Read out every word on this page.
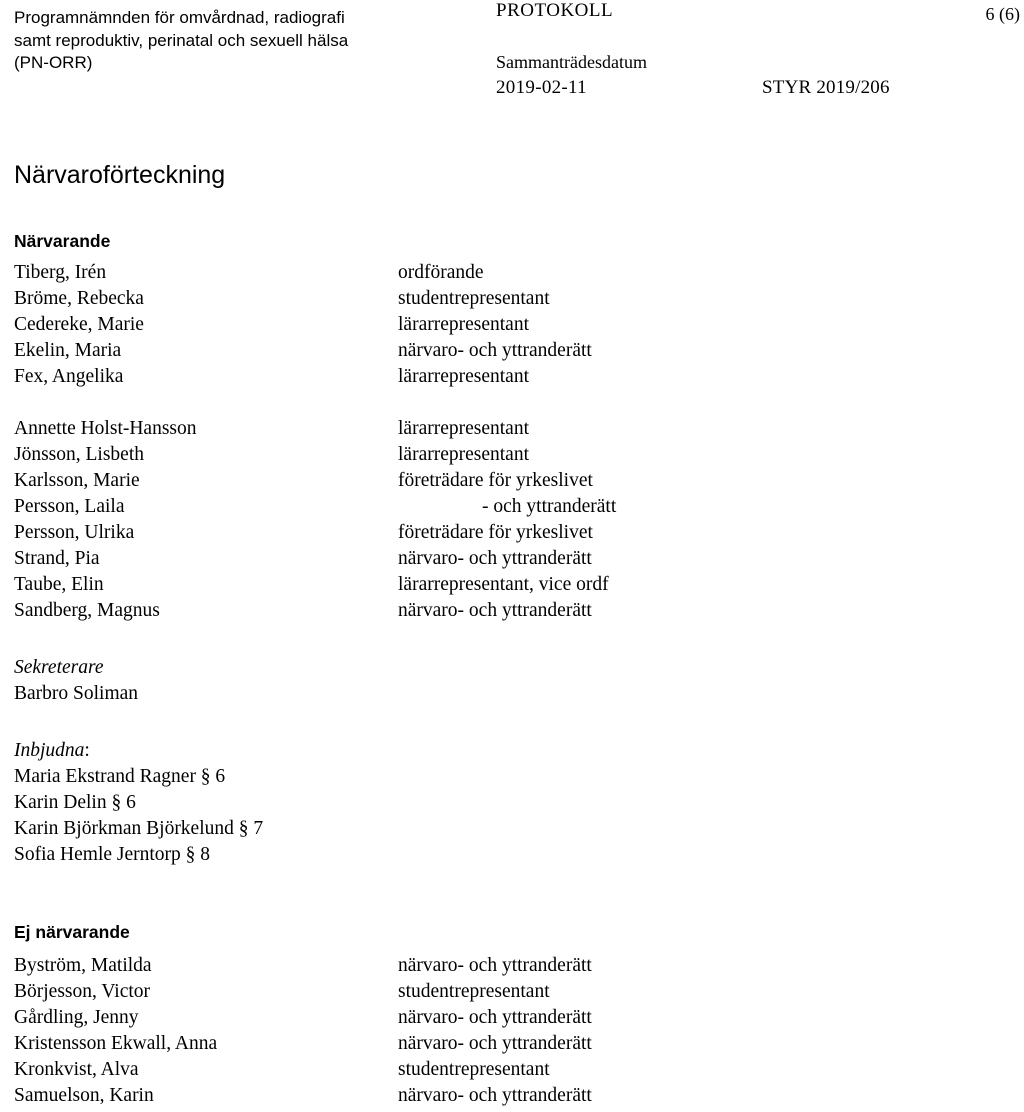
Programnämnden för omvårdnad, radiografi
samt reproduktiv, perinatal och sexuell hälsa
(PN-ORR)
PROTOKOLL	6 (6)
Sammanträdesdatum
2019-02-11	STYR 2019/206
Närvaroförteckning
Närvarande
Tiberg, Irén
Bröme, Rebecka
Cedereke, Marie
Ekelin, Maria
Fex, Angelika
Annette Holst-Hansson
Jönsson, Lisbeth
Karlsson, Marie
Persson, Laila
Persson, Ulrika
Strand, Pia
Taube, Elin
Sandberg, Magnus
ordförande
studentrepresentant
lärarrepresentant
närvaro- och yttranderätt
lärarrepresentant
lärarrepresentant
lärarrepresentant
företrädare för yrkeslivet
- och yttranderätt
företrädare för yrkeslivet
närvaro- och yttranderätt
lärarrepresentant, vice ordf
närvaro- och yttranderätt
Sekreterare
Barbro Soliman
Inbjudna:
Maria Ekstrand Ragner § 6
Karin Delin § 6
Karin Björkman Björkelund § 7
Sofia Hemle Jerntorp § 8
Ej närvarande
Byström, Matilda
Börjesson, Victor
Gårdling, Jenny
Kristensson Ekwall, Anna
Kronkvist, Alva
Samuelson, Karin
närvaro- och yttranderätt
studentrepresentant
närvaro- och yttranderätt
närvaro- och yttranderätt
studentrepresentant
närvaro- och yttranderätt
